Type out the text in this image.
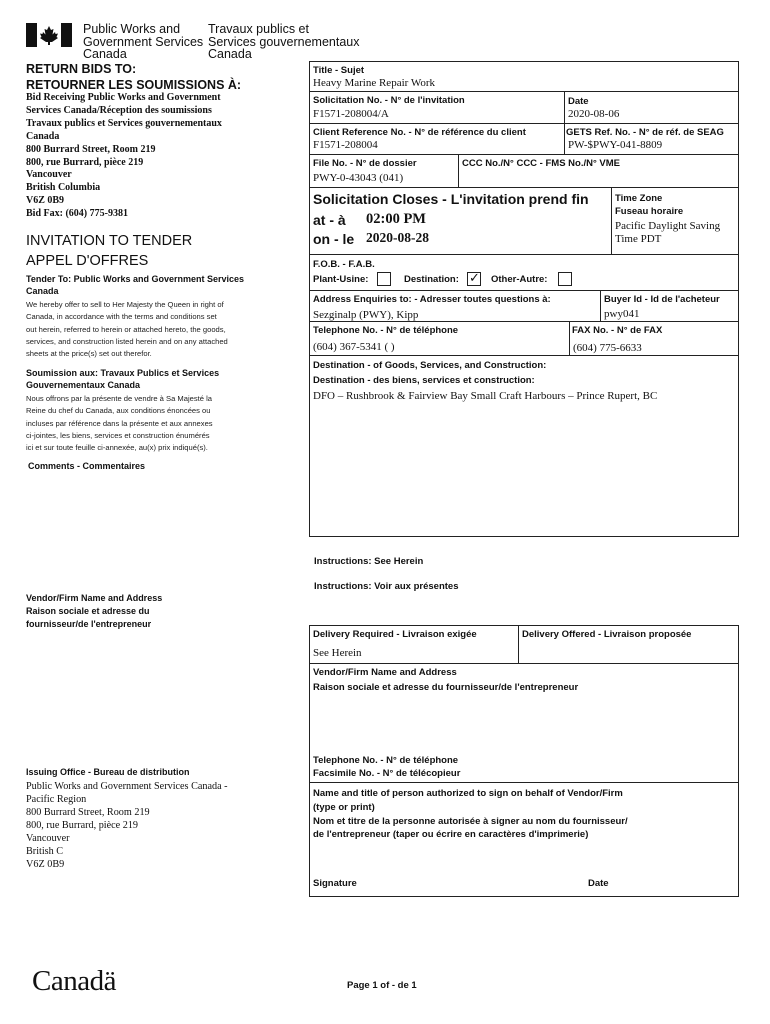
Public Works and
Government Services
Canada
Travaux publics et
Services gouvernementaux
Canada
RETURN BIDS TO:
RETOURNER LES SOUMISSIONS À:
Bid Receiving Public Works and Government
Services Canada/Réception des soumissions
Travaux publics et Services gouvernementaux
Canada
800 Burrard Street, Room 219
800, rue Burrard, pièce 219
Vancouver
British Columbia
V6Z 0B9
Bid Fax: (604) 775-9381
INVITATION TO TENDER
APPEL D'OFFRES
Tender To: Public Works and Government Services
Canada
We hereby offer to sell to Her Majesty the Queen in right of
Canada, in accordance with the terms and conditions set
out herein, referred to herein or attached hereto, the goods,
services, and construction listed herein and on any attached
sheets at the price(s) set out therefor.
Soumission aux: Travaux Publics et Services
Gouvernementaux Canada
Nous offrons par la présente de vendre à Sa Majesté la
Reine du chef du Canada, aux conditions énoncées ou
incluses par référence dans la présente et aux annexes
ci-jointes, les biens, services et construction énumérés
ici et sur toute feuille ci-annexée, au(x) prix indiqué(s).
Comments - Commentaires
Vendor/Firm Name and Address
Raison sociale et adresse du
fournisseur/de l'entrepreneur
Issuing Office - Bureau de distribution
Public Works and Government Services Canada -
Pacific Region
800 Burrard Street, Room 219
800, rue Burrard, pièce 219
Vancouver
British C
V6Z 0B9
Title - Sujet
Heavy Marine Repair Work
Solicitation No. - N° de l'invitation
F1571-208004/A
Date
2020-08-06
Client Reference No. - N° de référence du client
F1571-208004
GETS Ref. No. - N° de réf. de SEAG
PW-$PWY-041-8809
File No. - N° de dossier
PWY-0-43043 (041)
CCC No./N° CCC - FMS No./N° VME
Solicitation Closes - L'invitation prend fin
at - à 02:00 PM
on - le 2020-08-28
Time Zone
Fuseau horaire
Pacific Daylight Saving
Time PDT
F.O.B. - F.A.B.
Plant-Usine:	Destination: ✓ Other-Autre:
Address Enquiries to: - Adresser toutes questions à:
Sezginalp (PWY), Kipp
Buyer Id - Id de l'acheteur
pwy041
Telephone No. - N° de téléphone
(604) 367-5341 ( )
FAX No. - N° de FAX
(604) 775-6633
Destination - of Goods, Services, and Construction:
Destination - des biens, services et construction:
DFO – Rushbrook & Fairview Bay Small Craft Harbours – Prince Rupert, BC
Instructions: See Herein
Instructions: Voir aux présentes
Delivery Required - Livraison exigée
See Herein
Delivery Offered - Livraison proposée
Vendor/Firm Name and Address
Raison sociale et adresse du fournisseur/de l'entrepreneur
Telephone No. - N° de téléphone
Facsimile No. - N° de télécopieur
Name and title of person authorized to sign on behalf of Vendor/Firm
(type or print)
Nom et titre de la personne autorisée à signer au nom du fournisseur/
de l'entrepreneur (taper ou écrire en caractères d'imprimerie)
Signature	Date
Canadä	Page 1 of - de 1
